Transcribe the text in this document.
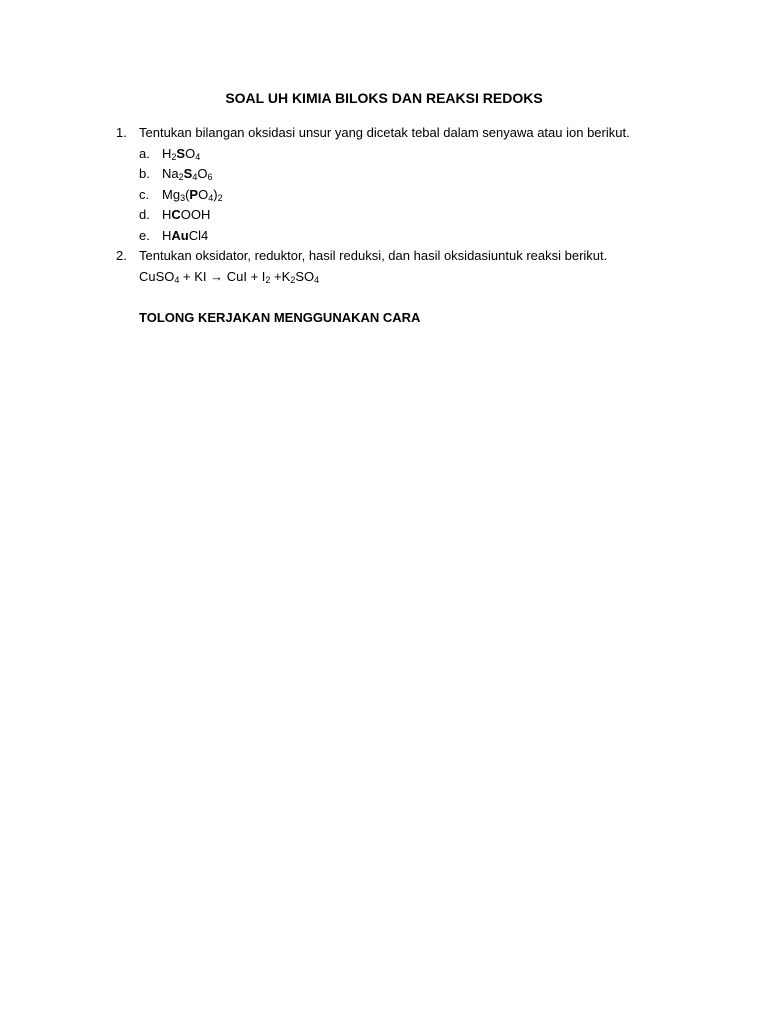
SOAL UH KIMIA BILOKS DAN REAKSI REDOKS
1. Tentukan bilangan oksidasi unsur yang dicetak tebal dalam senyawa atau ion berikut.
a. $H_2SO_4$
b. $Na_2S_4O_6$
c. $Mg_3(PO_4)_2$
d. HCOOH
e. HAuCl4
2. Tentukan oksidator, reduktor, hasil reduksi, dan hasil oksidasiuntuk reaksi berikut.
CuSO$_4$ + KI → CuI + $I_2 +K_2SO_4$
TOLONG KERJAKAN MENGGUNAKAN CARA
